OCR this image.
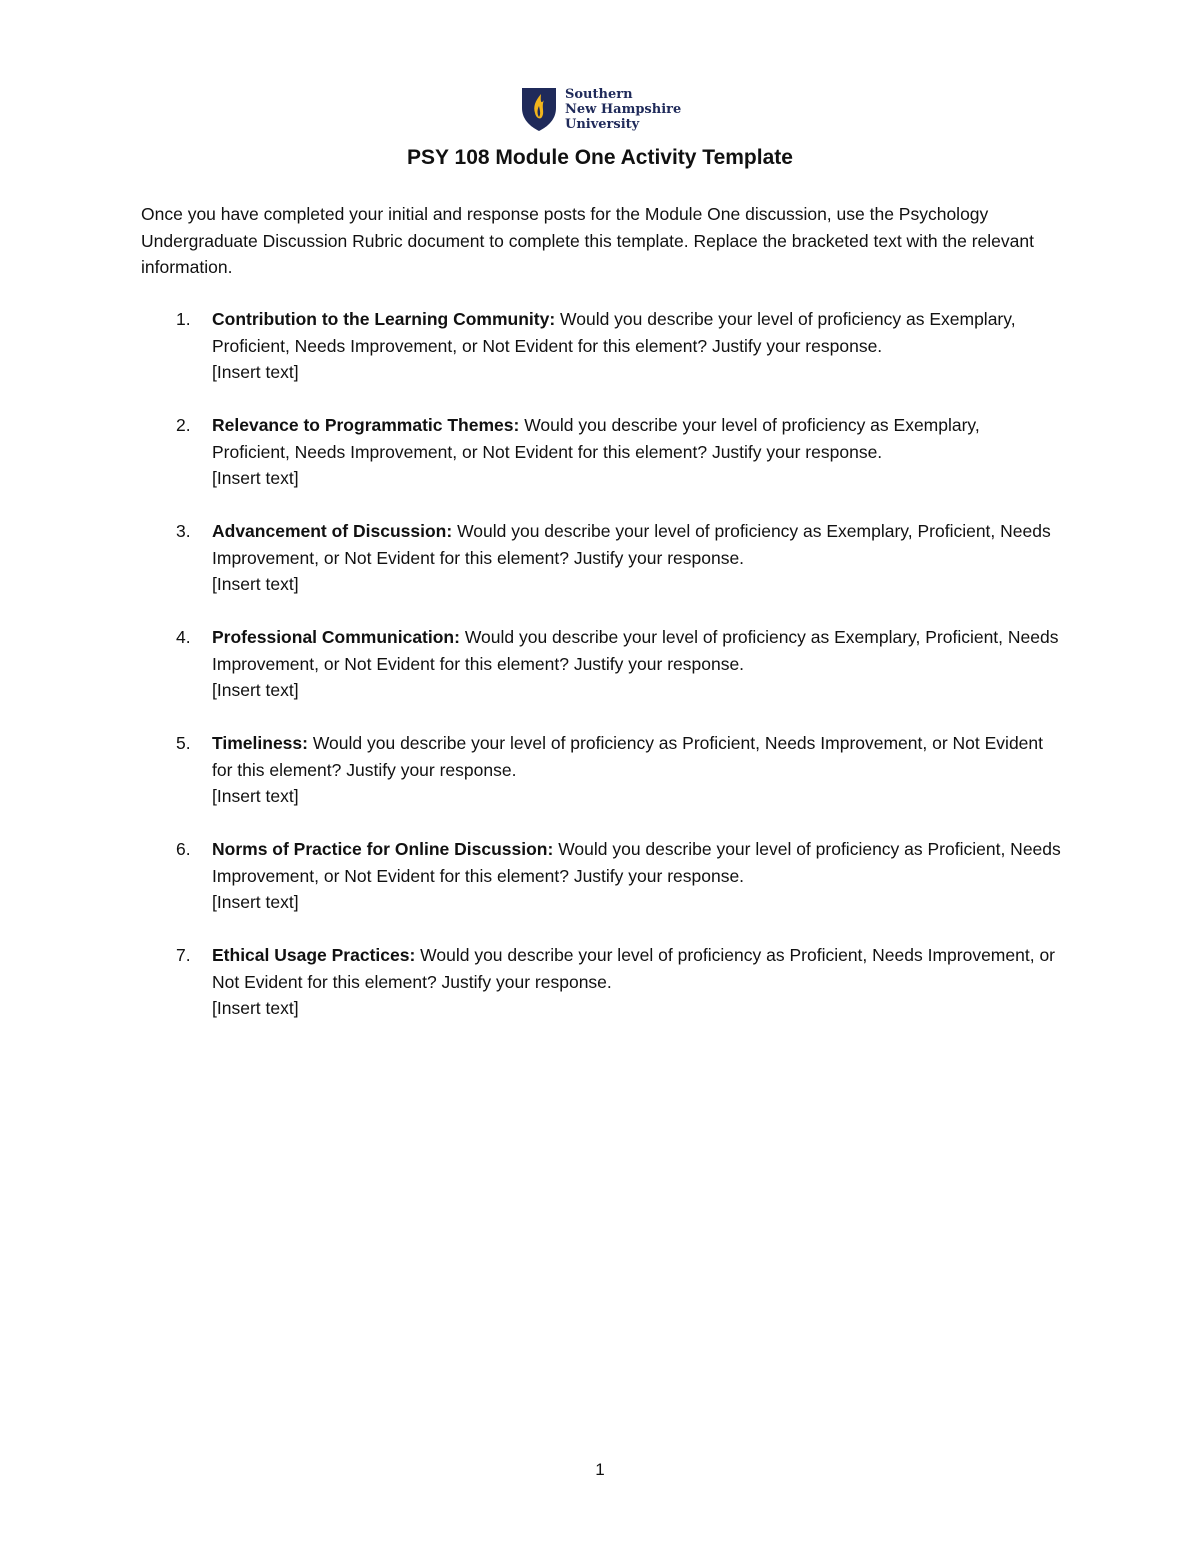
Southern
New Hampshire
University
PSY 108 Module One Activity Template

Once you have completed your initial and response posts for the Module One discussion, use the Psychology Undergraduate Discussion Rubric document to complete this template. Replace the bracketed text with the relevant information.

1. Contribution to the Learning Community: Would you describe your level of proficiency as Exemplary, Proficient, Needs Improvement, or Not Evident for this element? Justify your response.
[Insert text]
2. Relevance to Programmatic Themes: Would you describe your level of proficiency as Exemplary, Proficient, Needs Improvement, or Not Evident for this element? Justify your response.
[Insert text]
3. Advancement of Discussion: Would you describe your level of proficiency as Exemplary, Proficient, Needs Improvement, or Not Evident for this element? Justify your response.
[Insert text]
4. Professional Communication: Would you describe your level of proficiency as Exemplary, Proficient, Needs Improvement, or Not Evident for this element? Justify your response.
[Insert text]
5. Timeliness: Would you describe your level of proficiency as Proficient, Needs Improvement, or Not Evident for this element? Justify your response.
[Insert text]
6. Norms of Practice for Online Discussion: Would you describe your level of proficiency as Proficient, Needs Improvement, or Not Evident for this element? Justify your response.
[Insert text]
7. Ethical Usage Practices: Would you describe your level of proficiency as Proficient, Needs Improvement, or Not Evident for this element? Justify your response.
[Insert text]
1
